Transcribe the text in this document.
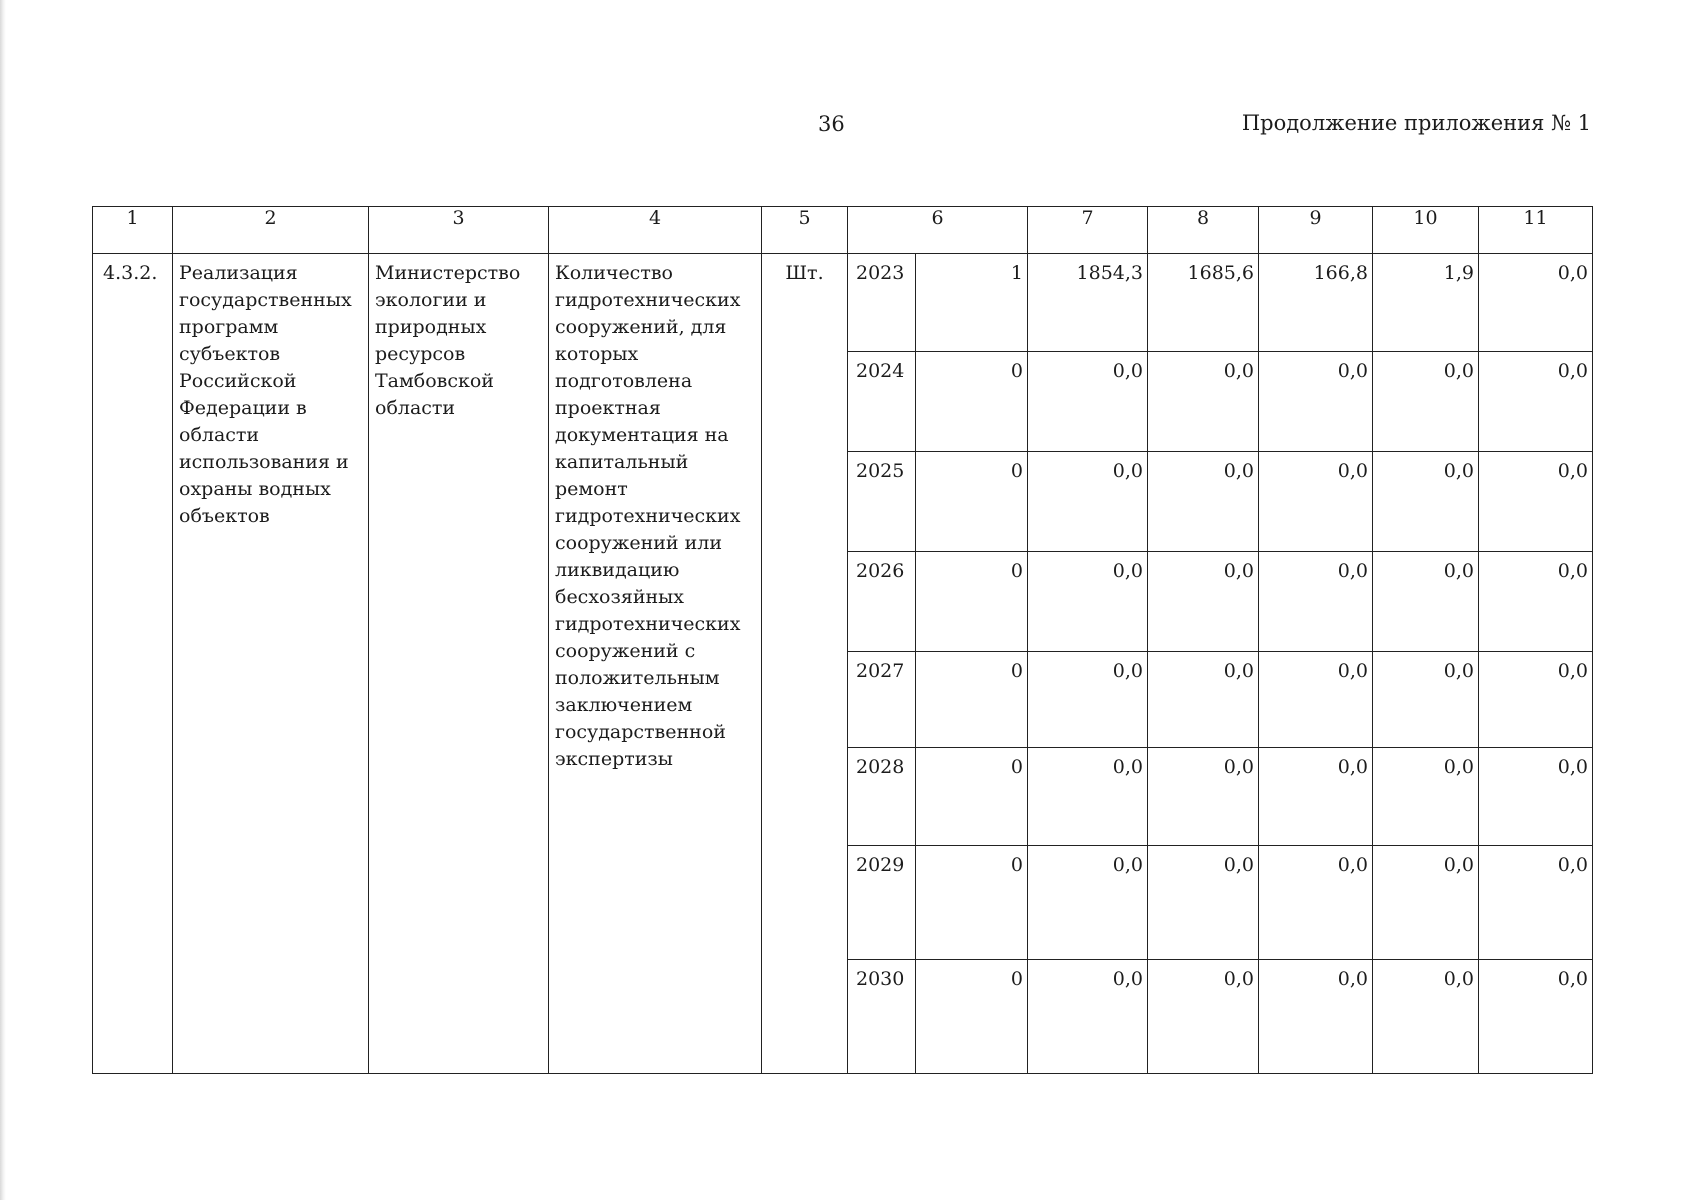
36	Продолжение приложения № 1
1	2	3	4	5	6		7	8	9	10	11

4.3.2.	Реализация государственных программ субъектов Российской Федерации в области использования и охраны водных объектов	Министерство экологии и природных ресурсов Тамбовской области	Количество гидротехнических сооружений, для которых подготовлена проектная документация на капитальный ремонт гидротехнических сооружений или ликвидацию бесхозяйных гидротехнических сооружений с положительным заключением государственной экспертизы	Шт.	2023	1	1854,3	1685,6	166,8	1,9	0,0

					2024	0	0,0	0,0	0,0	0,0	0,0

					2025	0	0,0	0,0	0,0	0,0	0,0

					2026	0	0,0	0,0	0,0	0,0	0,0

					2027	0	0,0	0,0	0,0	0,0	0,0

					2028	0	0,0	0,0	0,0	0,0	0,0

					2029	0	0,0	0,0	0,0	0,0	0,0

					2030	0	0,0	0,0	0,0	0,0	0,0
